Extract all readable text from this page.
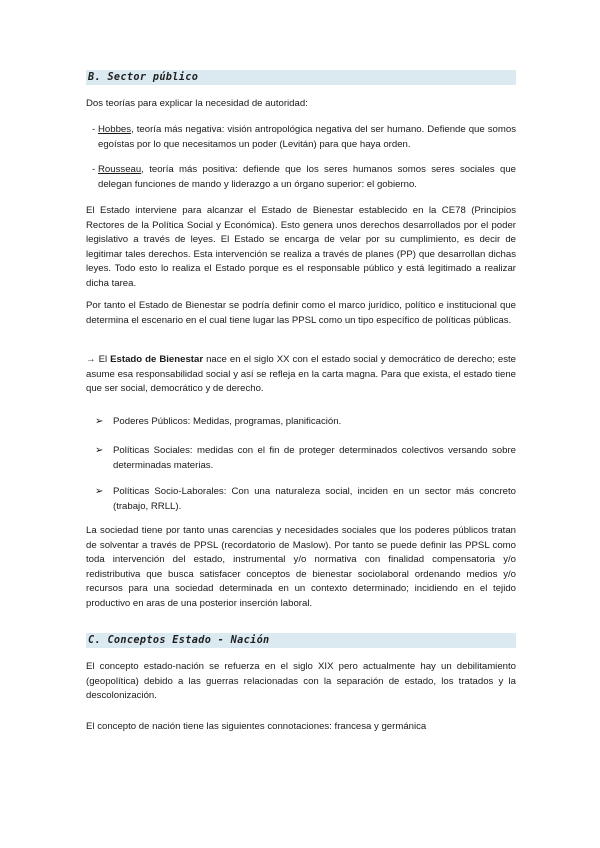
B. Sector público

Dos teorías para explicar la necesidad de autoridad:

- Hobbes, teoría más negativa: visión antropológica negativa del ser humano. Defiende que somos egoístas por lo que necesitamos un poder (Levitán) para que haya orden.
- Rousseau, teoría más positiva: defiende que los seres humanos somos seres sociales que delegan funciones de mando y liderazgo a un órgano superior: el gobierno.

El Estado interviene para alcanzar el Estado de Bienestar establecido en la CE78 (Principios Rectores de la Política Social y Económica). Esto genera unos derechos desarrollados por el poder legislativo a través de leyes. El Estado se encarga de velar por su cumplimiento, es decir de legitimar tales derechos. Esta intervención se realiza a través de planes (PP) que desarrollan dichas leyes. Todo esto lo realiza el Estado porque es el responsable público y está legitimado a realizar dicha tarea.

Por tanto el Estado de Bienestar se podría definir como el marco jurídico, político e institucional que determina el escenario en el cual tiene lugar las PPSL como un tipo específico de políticas públicas.

→ El Estado de Bienestar nace en el siglo XX con el estado social y democrático de derecho; este asume esa responsabilidad social y así se refleja en la carta magna. Para que exista, el estado tiene que ser social, democrático y de derecho.

➢	Poderes Públicos: Medidas, programas, planificación.
➢	Políticas Sociales: medidas con el fin de proteger determinados colectivos versando sobre determinadas materias.
➢	Políticas Socio-Laborales: Con una naturaleza social, inciden en un sector más concreto (trabajo, RRLL).

La sociedad tiene por tanto unas carencias y necesidades sociales que los poderes públicos tratan de solventar a través de PPSL (recordatorio de Maslow). Por tanto se puede definir las PPSL como toda intervención del estado, instrumental y/o normativa con finalidad compensatoria y/o redistributiva que busca satisfacer conceptos de bienestar sociolaboral ordenando medios y/o recursos para una sociedad determinada en un contexto determinado; incidiendo en el tejido productivo en aras de una posterior inserción laboral.

C. Conceptos Estado - Nación

El concepto estado-nación se refuerza en el siglo XIX pero actualmente hay un debilitamiento (geopolítica) debido a las guerras relacionadas con la separación de estado, los tratados y la descolonización.

El concepto de nación tiene las siguientes connotaciones: francesa y germánica
